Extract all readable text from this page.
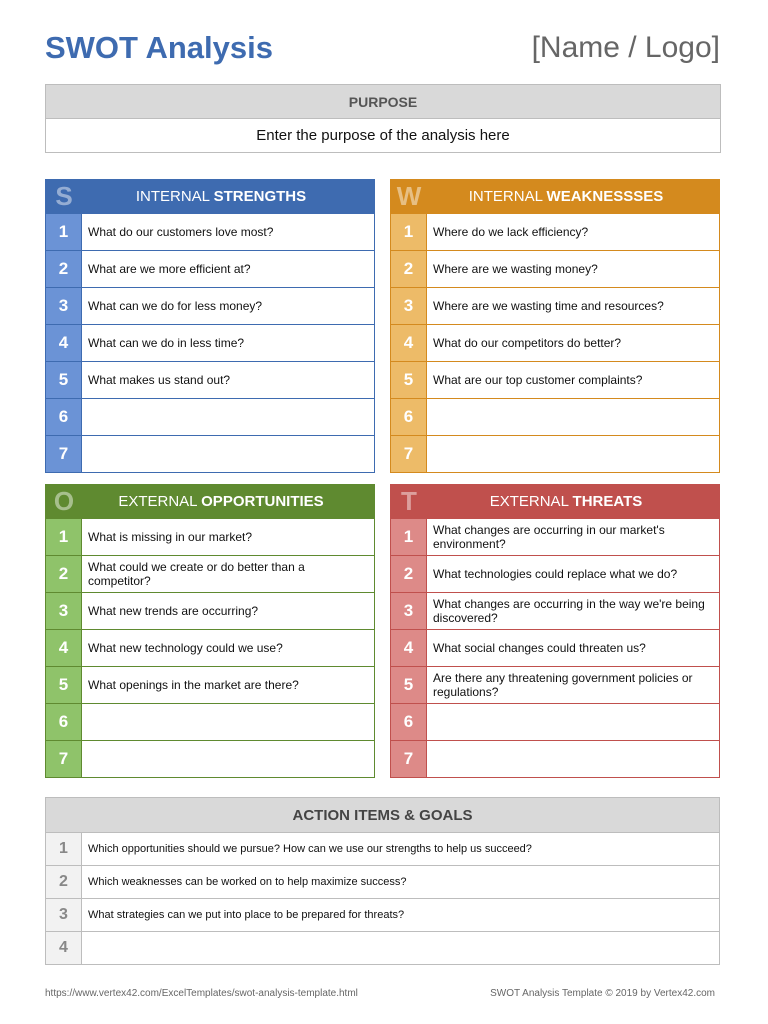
SWOT Analysis	[Name / Logo]
PURPOSE
Enter the purpose of the analysis here
S	INTERNAL STRENGTHS
1	What do our customers love most?
2	What are we more efficient at?
3	What can we do for less money?
4	What can we do in less time?
5	What makes us stand out?
6
7
W	INTERNAL WEAKNESSSES
1	Where do we lack efficiency?
2	Where are we wasting money?
3	Where are we wasting time and resources?
4	What do our competitors do better?
5	What are our top customer complaints?
6
7
O	EXTERNAL OPPORTUNITIES
1	What is missing in our market?
2	What could we create or do better than a competitor?
3	What new trends are occurring?
4	What new technology could we use?
5	What openings in the market are there?
6
7
T	EXTERNAL THREATS
1	What changes are occurring in our market's environment?
2	What technologies could replace what we do?
3	What changes are occurring in the way we're being discovered?
4	What social changes could threaten us?
5	Are there any threatening government policies or regulations?
6
7
ACTION ITEMS & GOALS
1	Which opportunities should we pursue? How can we use our strengths to help us succeed?
2	Which weaknesses can be worked on to help maximize success?
3	What strategies can we put into place to be prepared for threats?
4
https://www.vertex42.com/ExcelTemplates/swot-analysis-template.html	SWOT Analysis Template © 2019 by Vertex42.com
